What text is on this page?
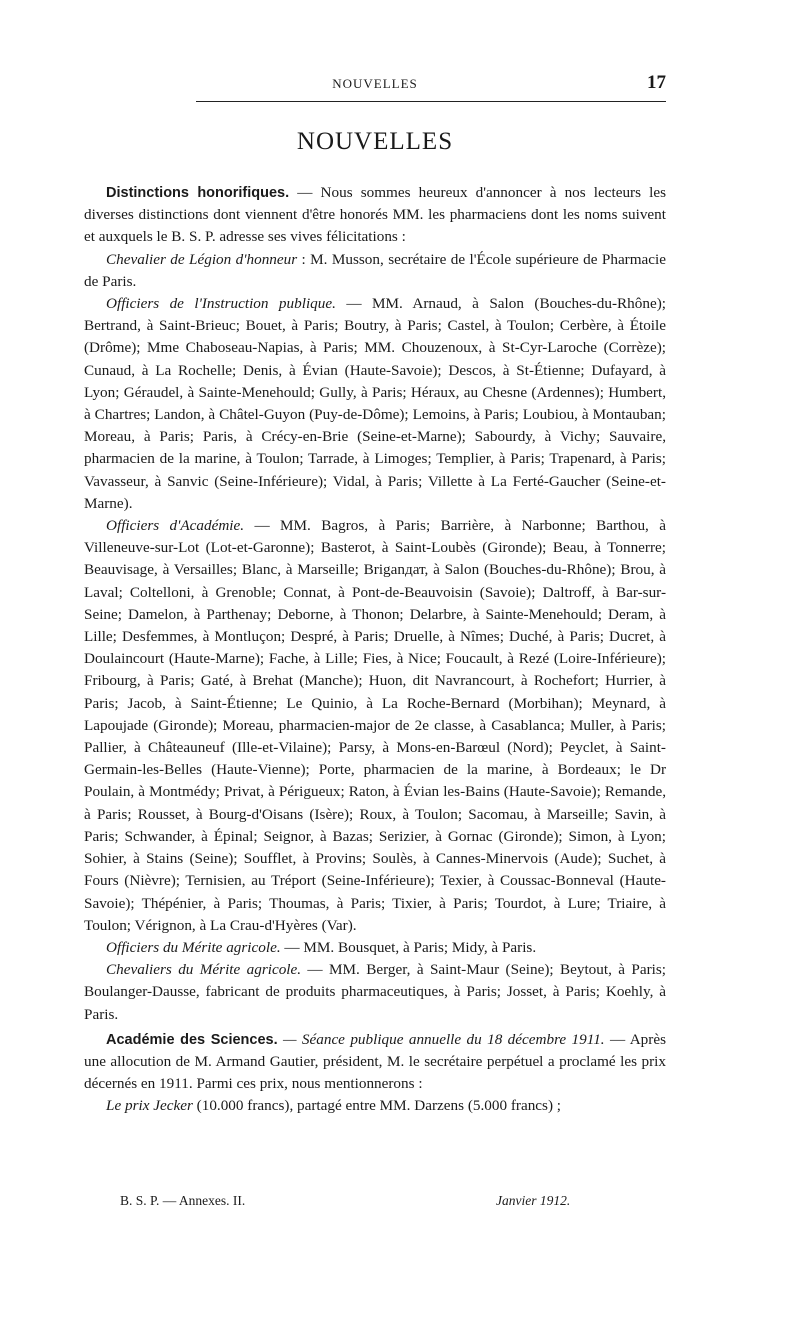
NOUVELLES	17
NOUVELLES

Distinctions honorifiques. — Nous sommes heureux d'annoncer à nos lecteurs les diverses distinctions dont viennent d'être honorés MM. les pharmaciens dont les noms suivent et auxquels le B. S. P. adresse ses vives félicitations :

Chevalier de Légion d'honneur : M. Musson, secrétaire de l'École supérieure de Pharmacie de Paris.

Officiers de l'Instruction publique. — MM. Arnaud, à Salon (Bouches-du-Rhône); Bertrand, à Saint-Brieuc; Bouet, à Paris; Boutry, à Paris; Castel, à Toulon; Cerbère, à Étoile (Drôme); Mme Chaboseau-Napias, à Paris; MM. Chouzenoux, à St-Cyr-Laroche (Corrèze); Cunaud, à La Rochelle; Denis, à Évian (Haute-Savoie); Descos, à St-Étienne; Dufayard, à Lyon; Géraudel, à Sainte-Menehould; Gully, à Paris; Héraux, au Chesne (Ardennes); Humbert, à Chartres; Landon, à Châtel-Guyon (Puy-de-Dôme); Lemoins, à Paris; Loubiou, à Montauban; Moreau, à Paris; Paris, à Crécy-en-Brie (Seine-et-Marne); Sabourdy, à Vichy; Sauvaire, pharmacien de la marine, à Toulon; Tarrade, à Limoges; Templier, à Paris; Trapenard, à Paris; Vavasseur, à Sanvic (Seine-Inférieure); Vidal, à Paris; Villette à La Ferté-Gaucher (Seine-et-Marne).

Officiers d'Académie. — MM. Bagros, à Paris; Barrière, à Narbonne; Barthou, à Villeneuve-sur-Lot (Lot-et-Garonne); Basterot, à Saint-Loubès (Gironde); Beau, à Tonnerre; Beauvisage, à Versailles; Blanc, à Marseille; Briganдат, à Salon (Bouches-du-Rhône); Brou, à Laval; Coltelloni, à Grenoble; Connat, à Pont-de-Beauvoisin (Savoie); Daltroff, à Bar-sur-Seine; Damelon, à Parthenay; Deborne, à Thonon; Delarbre, à Sainte-Menehould; Deram, à Lille; Desfemmes, à Montluçon; Despré, à Paris; Druelle, à Nîmes; Duché, à Paris; Ducret, à Doulaincourt (Haute-Marne); Fache, à Lille; Fies, à Nice; Foucault, à Rezé (Loire-Inférieure); Fribourg, à Paris; Gaté, à Brehat (Manche); Huon, dit Navrancourt, à Rochefort; Hurrier, à Paris; Jacob, à Saint-Étienne; Le Quinio, à La Roche-Bernard (Morbihan); Meynard, à Lapoujade (Gironde); Moreau, pharmacien-major de 2e classe, à Casablanca; Muller, à Paris; Pallier, à Châteauneuf (Ille-et-Vilaine); Parsy, à Mons-en-Barœul (Nord); Peyclet, à Saint-Germain-les-Belles (Haute-Vienne); Porte, pharmacien de la marine, à Bordeaux; le Dr Poulain, à Montmédy; Privat, à Périgueux; Raton, à Évian les-Bains (Haute-Savoie); Remande, à Paris; Rousset, à Bourg-d'Oisans (Isère); Roux, à Toulon; Sacomau, à Marseille; Savin, à Paris; Schwander, à Épinal; Seignor, à Bazas; Serizier, à Gornac (Gironde); Simon, à Lyon; Sohier, à Stains (Seine); Soufflet, à Provins; Soulès, à Cannes-Minervois (Aude); Suchet, à Fours (Nièvre); Ternisien, au Tréport (Seine-Inférieure); Texier, à Coussac-Bonneval (Haute-Savoie); Thépénier, à Paris; Thoumas, à Paris; Tixier, à Paris; Tourdot, à Lure; Triaire, à Toulon; Vérignon, à La Crau-d'Hyères (Var).

Officiers du Mérite agricole. — MM. Bousquet, à Paris; Midy, à Paris.

Chevaliers du Mérite agricole. — MM. Berger, à Saint-Maur (Seine); Beytout, à Paris; Boulanger-Dausse, fabricant de produits pharmaceutiques, à Paris; Josset, à Paris; Koehly, à Paris.

Académie des Sciences. — Séance publique annuelle du 18 décembre 1911. — Après une allocution de M. Armand Gautier, président, M. le secrétaire perpétuel a proclamé les prix décernés en 1911. Parmi ces prix, nous mentionnerons :

Le prix Jecker (10.000 francs), partagé entre MM. Darzens (5.000 francs) ;

B. S. P. — Annexes. II.	Janvier 1912.
